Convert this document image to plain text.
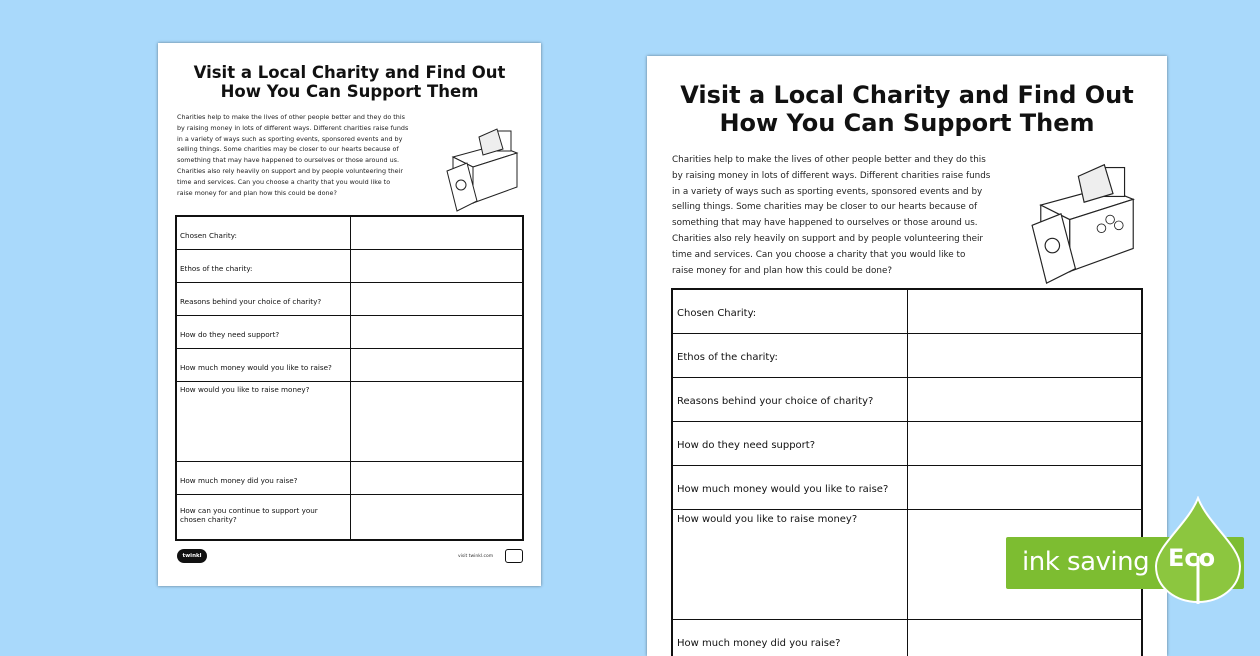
Visit a Local Charity and Find Out
How You Can Support Them
Charities help to make the lives of other people better and they do this
by raising money in lots of different ways. Different charities raise funds
in a variety of ways such as sporting events, sponsored events and by
selling things. Some charities may be closer to our hearts because of
something that may have happened to ourselves or those around us.
Charities also rely heavily on support and by people volunteering their
time and services. Can you choose a charity that you would like to
raise money for and plan how this could be done?
Chosen Charity:
Ethos of the charity:
Reasons behind your choice of charity?
How do they need support?
How much money would you like to raise?
How would you like to raise money?
How much money did you raise?
How can you continue to support your chosen charity?
twinkl	visit twinkl.com
Visit a Local Charity and Find Out
How You Can Support Them
Charities help to make the lives of other people better and they do this
by raising money in lots of different ways. Different charities raise funds
in a variety of ways such as sporting events, sponsored events and by
selling things. Some charities may be closer to our hearts because of
something that may have happened to ourselves or those around us.
Charities also rely heavily on support and by people volunteering their
time and services. Can you choose a charity that you would like to
raise money for and plan how this could be done?
Chosen Charity:
Ethos of the charity:
Reasons behind your choice of charity?
How do they need support?
How much money would you like to raise?
How would you like to raise money?
How much money did you raise?
ink saving Eco
